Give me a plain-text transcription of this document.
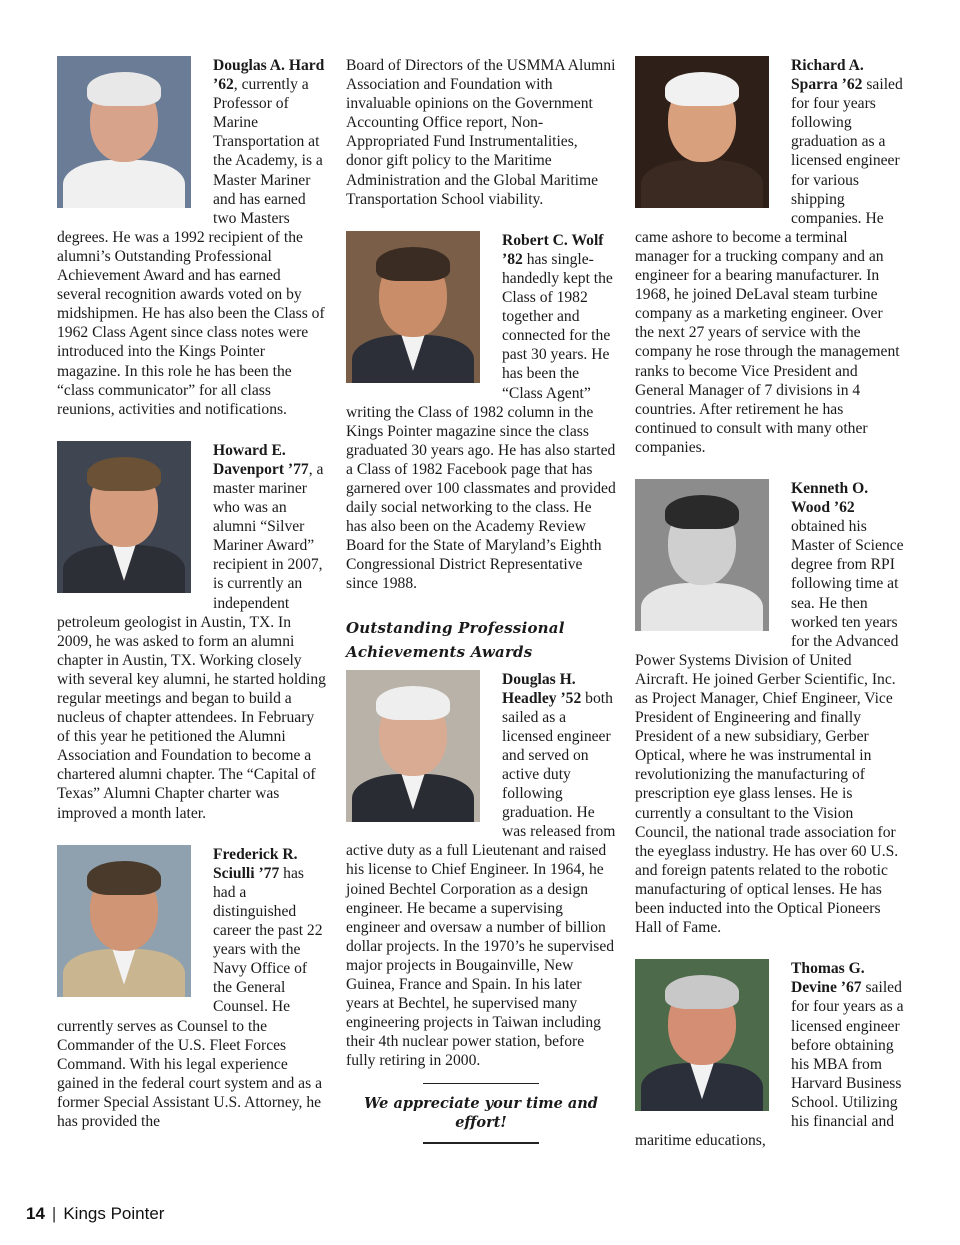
Douglas A. Hard ’62, currently a Professor of Marine Transportation at the Academy, is a Master Mariner and has earned two Masters degrees. He was a 1992 recipient of the alumni’s Outstanding Professional Achievement Award and has earned several recognition awards voted on by midshipmen. He has also been the Class of 1962 Class Agent since class notes were introduced into the Kings Pointer magazine. In this role he has been the “class communicator” for all class reunions, activities and notifications.

Howard E. Davenport ’77, a master mariner who was an alumni “Silver Mariner Award” recipient in 2007, is currently an independent petroleum geologist in Austin, TX. In 2009, he was asked to form an alumni chapter in Austin, TX. Working closely with several key alumni, he started holding regular meetings and began to build a nucleus of chapter attendees. In February of this year he petitioned the Alumni Association and Foundation to become a chartered alumni chapter. The “Capital of Texas” Alumni Chapter charter was improved a month later.

Frederick R. Sciulli ’77 has had a distinguished career the past 22 years with the Navy Office of the General Counsel. He currently serves as Counsel to the Commander of the U.S. Fleet Forces Command. With his legal experience gained in the federal court system and as a former Special Assistant U.S. Attorney, he has provided the

Board of Directors of the USMMA Alumni Association and Foundation with invaluable opinions on the Government Accounting Office report, Non-Appropriated Fund Instrumentalities, donor gift policy to the Maritime Administration and the Global Maritime Transportation School viability.

Robert C. Wolf ’82 has single-handedly kept the Class of 1982 together and connected for the past 30 years. He has been the “Class Agent” writing the Class of 1982 column in the Kings Pointer magazine since the class graduated 30 years ago. He has also started a Class of 1982 Facebook page that has garnered over 100 classmates and provided daily social networking to the class. He has also been on the Academy Review Board for the State of Maryland’s Eighth Congressional District Representative since 1988.

Outstanding Professional
Achievements Awards

Douglas H. Headley ’52 both sailed as a licensed engineer and served on active duty following graduation. He was released from active duty as a full Lieutenant and raised his license to Chief Engineer. In 1964, he joined Bechtel Corporation as a design engineer. He became a supervising engineer and oversaw a number of billion dollar projects. In the 1970’s he supervised major projects in Bougainville, New Guinea, France and Spain. In his later years at Bechtel, he supervised many engineering projects in Taiwan including their 4th nuclear power station, before fully retiring in 2000.

We appreciate your time and effort!

Richard A. Sparra ’62 sailed for four years following graduation as a licensed engineer for various shipping companies. He came ashore to become a terminal manager for a trucking company and an engineer for a bearing manufacturer. In 1968, he joined DeLaval steam turbine company as a marketing engineer. Over the next 27 years of service with the company he rose through the management ranks to become Vice President and General Manager of 7 divisions in 4 countries. After retirement he has continued to consult with many other companies.

Kenneth O. Wood ’62 obtained his Master of Science degree from RPI following time at sea. He then worked ten years for the Advanced Power Systems Division of United Aircraft. He joined Gerber Scientific, Inc. as Project Manager, Chief Engineer, Vice President of Engineering and finally President of a new subsidiary, Gerber Optical, where he was instrumental in revolutionizing the manufacturing of prescription eye glass lenses. He is currently a consultant to the Vision Council, the national trade association for the eyeglass industry. He has over 60 U.S. and foreign patents related to the robotic manufacturing of optical lenses. He has been inducted into the Optical Pioneers Hall of Fame.

Thomas G. Devine ’67 sailed for four years as a licensed engineer before obtaining his MBA from Harvard Business School. Utilizing his financial and maritime educations,

14 | Kings Pointer
